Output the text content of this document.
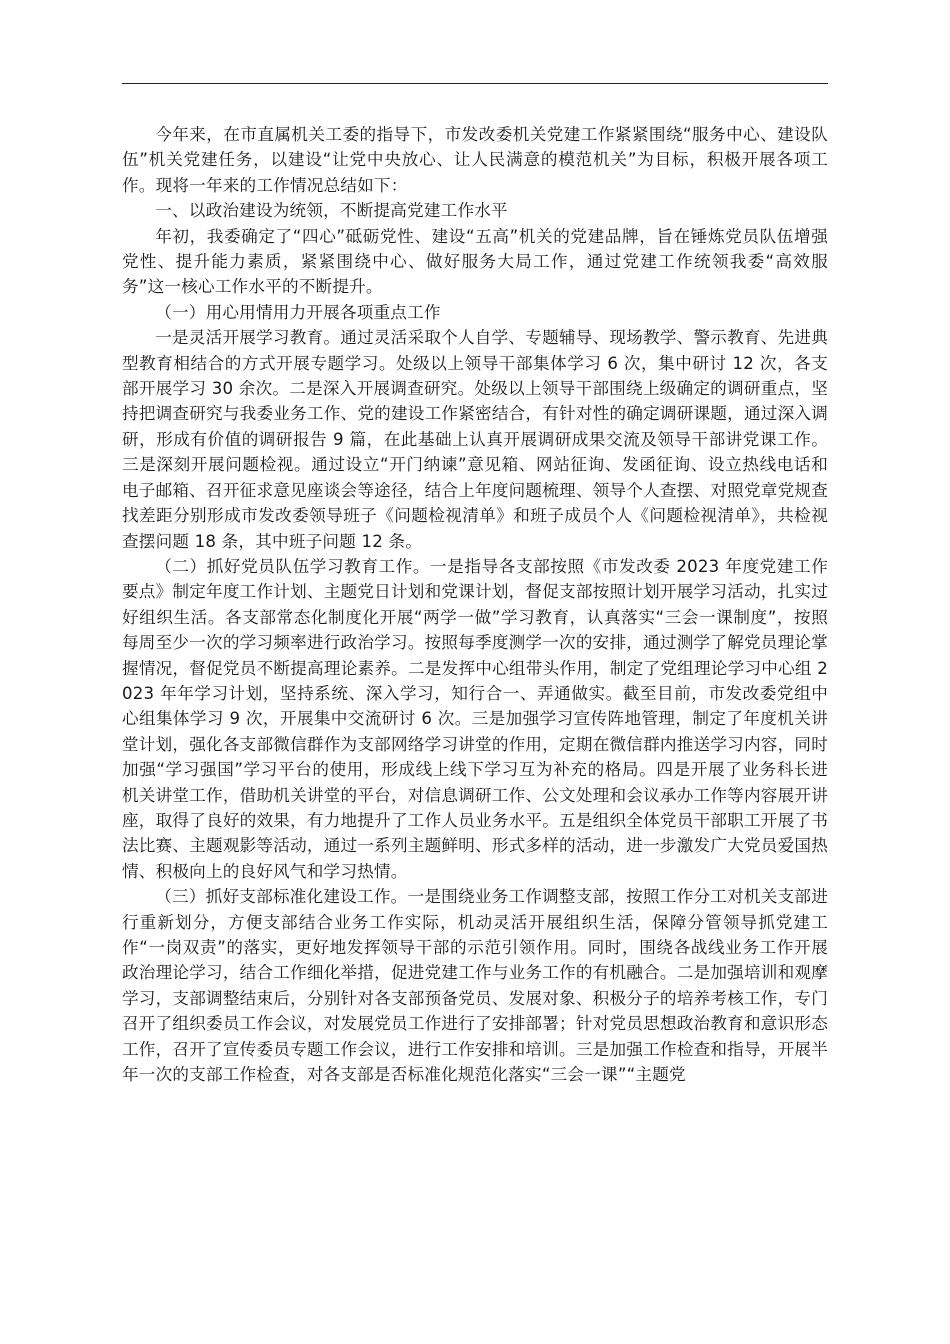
今年来，在市直属机关工委的指导下，市发改委机关党建工作紧紧围绕“服务中心、建设队伍”机关党建任务，以建设“让党中央放心、让人民满意的模范机关”为目标，积极开展各项工作。现将一年来的工作情况总结如下：

一、以政治建设为统领，不断提高党建工作水平

年初，我委确定了“四心”砥砺党性、建设“五高”机关的党建品牌，旨在锤炼党员队伍增强党性、提升能力素质，紧紧围绕中心、做好服务大局工作，通过党建工作统领我委“高效服务”这一核心工作水平的不断提升。

（一）用心用情用力开展各项重点工作

一是灵活开展学习教育。通过灵活采取个人自学、专题辅导、现场教学、警示教育、先进典型教育相结合的方式开展专题学习。处级以上领导干部集体学习 6 次，集中研讨 12 次，各支部开展学习 30 余次。二是深入开展调查研究。处级以上领导干部围绕上级确定的调研重点，坚持把调查研究与我委业务工作、党的建设工作紧密结合，有针对性的确定调研课题，通过深入调研，形成有价值的调研报告 9 篇，在此基础上认真开展调研成果交流及领导干部讲党课工作。三是深刻开展问题检视。通过设立“开门纳谏”意见箱、网站征询、发函征询、设立热线电话和电子邮箱、召开征求意见座谈会等途径，结合上年度问题梳理、领导个人查摆、对照党章党规查找差距分别形成市发改委领导班子《问题检视清单》和班子成员个人《问题检视清单》，共检视查摆问题 18 条，其中班子问题 12 条。

（二）抓好党员队伍学习教育工作。一是指导各支部按照《市发改委 2023 年度党建工作要点》制定年度工作计划、主题党日计划和党课计划，督促支部按照计划开展学习活动，扎实过好组织生活。各支部常态化制度化开展“两学一做”学习教育，认真落实“三会一课制度”，按照每周至少一次的学习频率进行政治学习。按照每季度测学一次的安排，通过测学了解党员理论掌握情况，督促党员不断提高理论素养。二是发挥中心组带头作用，制定了党组理论学习中心组 2023 年年学习计划，坚持系统、深入学习，知行合一、弄通做实。截至目前，市发改委党组中心组集体学习 9 次，开展集中交流研讨 6 次。三是加强学习宣传阵地管理，制定了年度机关讲堂计划，强化各支部微信群作为支部网络学习讲堂的作用，定期在微信群内推送学习内容，同时加强“学习强国”学习平台的使用，形成线上线下学习互为补充的格局。四是开展了业务科长进机关讲堂工作，借助机关讲堂的平台，对信息调研工作、公文处理和会议承办工作等内容展开讲座，取得了良好的效果，有力地提升了工作人员业务水平。五是组织全体党员干部职工开展了书法比赛、主题观影等活动，通过一系列主题鲜明、形式多样的活动，进一步激发广大党员爱国热情、积极向上的良好风气和学习热情。

（三）抓好支部标准化建设工作。一是围绕业务工作调整支部，按照工作分工对机关支部进行重新划分，方便支部结合业务工作实际，机动灵活开展组织生活，保障分管领导抓党建工作“一岗双责”的落实，更好地发挥领导干部的示范引领作用。同时，围绕各战线业务工作开展政治理论学习，结合工作细化举措，促进党建工作与业务工作的有机融合。二是加强培训和观摩学习，支部调整结束后，分别针对各支部预备党员、发展对象、积极分子的培养考核工作，专门召开了组织委员工作会议，对发展党员工作进行了安排部署；针对党员思想政治教育和意识形态工作，召开了宣传委员专题工作会议，进行工作安排和培训。三是加强工作检查和指导，开展半年一次的支部工作检查，对各支部是否标准化规范化落实“三会一课”“主题党
